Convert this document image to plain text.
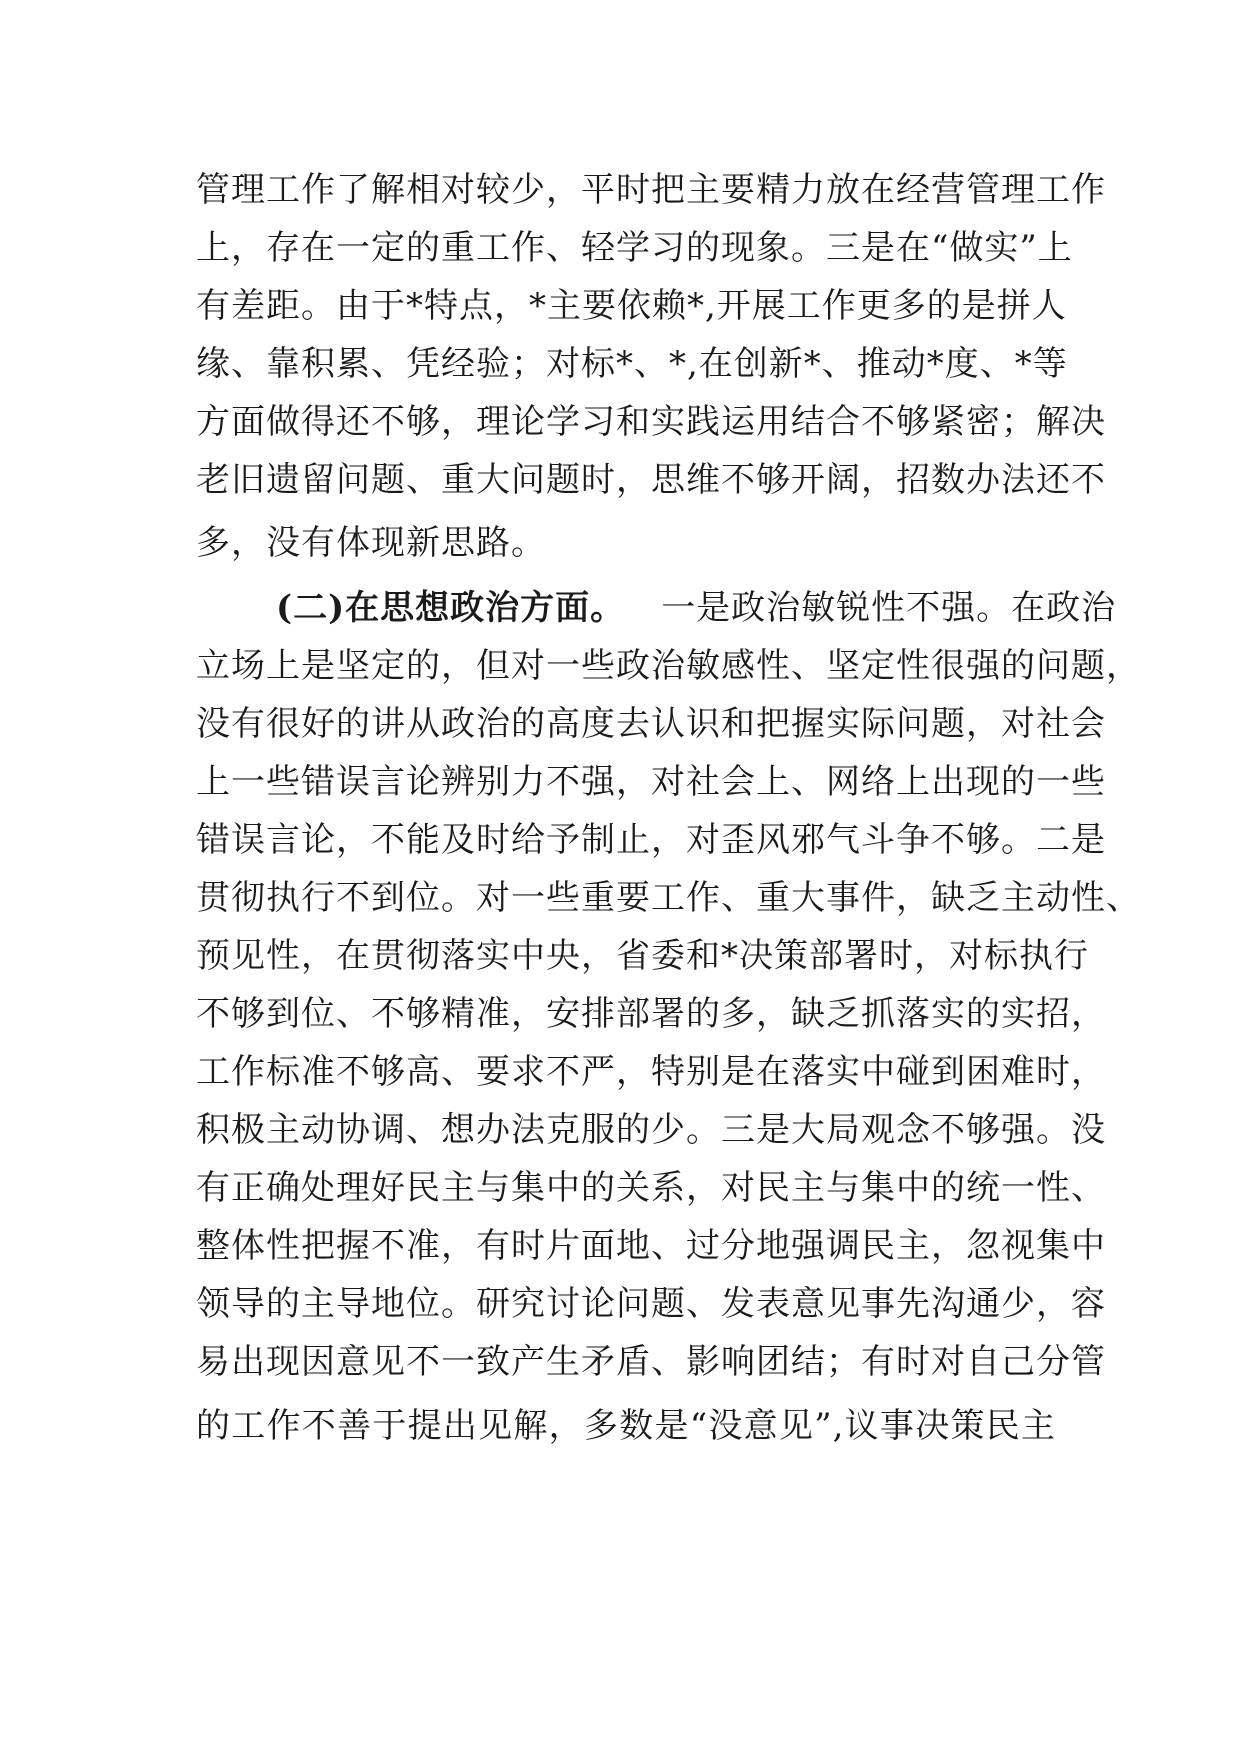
管理工作了解相对较少，平时把主要精力放在经营管理工作
上，存在一定的重工作、轻学习的现象。三是在“做实”上
有差距。由于*特点，*主要依赖*,开展工作更多的是拼人
缘、靠积累、凭经验；对标*、*,在创新*、推动*度、*等
方面做得还不够，理论学习和实践运用结合不够紧密；解决
老旧遗留问题、重大问题时，思维不够开阔，招数办法还不
多，没有体现新思路。
(二)在思想政治方面。 一是政治敏锐性不强。在政治
立场上是坚定的，但对一些政治敏感性、坚定性很强的问题，
没有很好的讲从政治的高度去认识和把握实际问题，对社会
上一些错误言论辨别力不强，对社会上、网络上出现的一些
错误言论，不能及时给予制止，对歪风邪气斗争不够。二是
贯彻执行不到位。对一些重要工作、重大事件，缺乏主动性、
预见性，在贯彻落实中央，省委和*决策部署时，对标执行
不够到位、不够精准，安排部署的多，缺乏抓落实的实招，
工作标准不够高、要求不严，特别是在落实中碰到困难时，
积极主动协调、想办法克服的少。三是大局观念不够强。没
有正确处理好民主与集中的关系，对民主与集中的统一性、
整体性把握不准，有时片面地、过分地强调民主，忽视集中
领导的主导地位。研究讨论问题、发表意见事先沟通少，容
易出现因意见不一致产生矛盾、影响团结；有时对自己分管
的工作不善于提出见解，多数是“没意见”,议事决策民主
